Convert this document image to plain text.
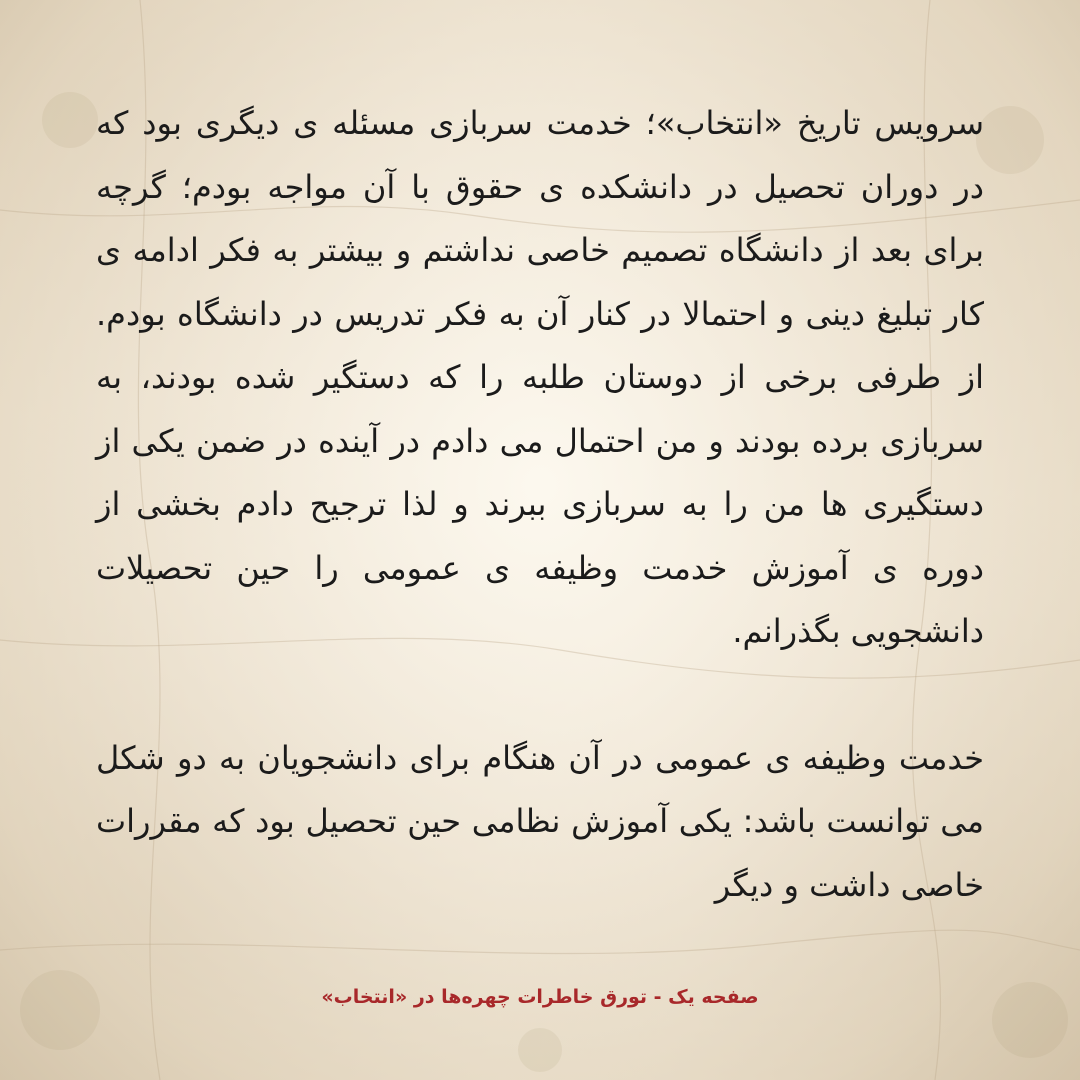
سرویس تاریخ «انتخاب»؛ خدمت سربازی مسئله ی دیگری بود که در دوران تحصیل در دانشکده ی حقوق با آن مواجه بودم؛ گرچه برای بعد از دانشگاه تصمیم خاصی نداشتم و بیشتر به فکر ادامه ی کار تبلیغ دینی و احتمالا در کنار آن به فکر تدریس در دانشگاه بودم. از طرفی برخی از دوستان طلبه را که دستگیر شده بودند، به سربازی برده بودند و من احتمال می دادم در آینده در ضمن یکی از دستگیری ها من را به سربازی ببرند و لذا ترجیح دادم بخشی از دوره ی آموزش خدمت وظیفه ی عمومی را حین تحصیلات دانشجویی بگذرانم.

خدمت وظیفه ی عمومی در آن هنگام برای دانشجویان به دو شکل می توانست باشد: یکی آموزش نظامی حین تحصیل بود که مقررات خاصی داشت و دیگر

صفحه یک - تورق خاطرات چهره‌ها در «انتخاب»
